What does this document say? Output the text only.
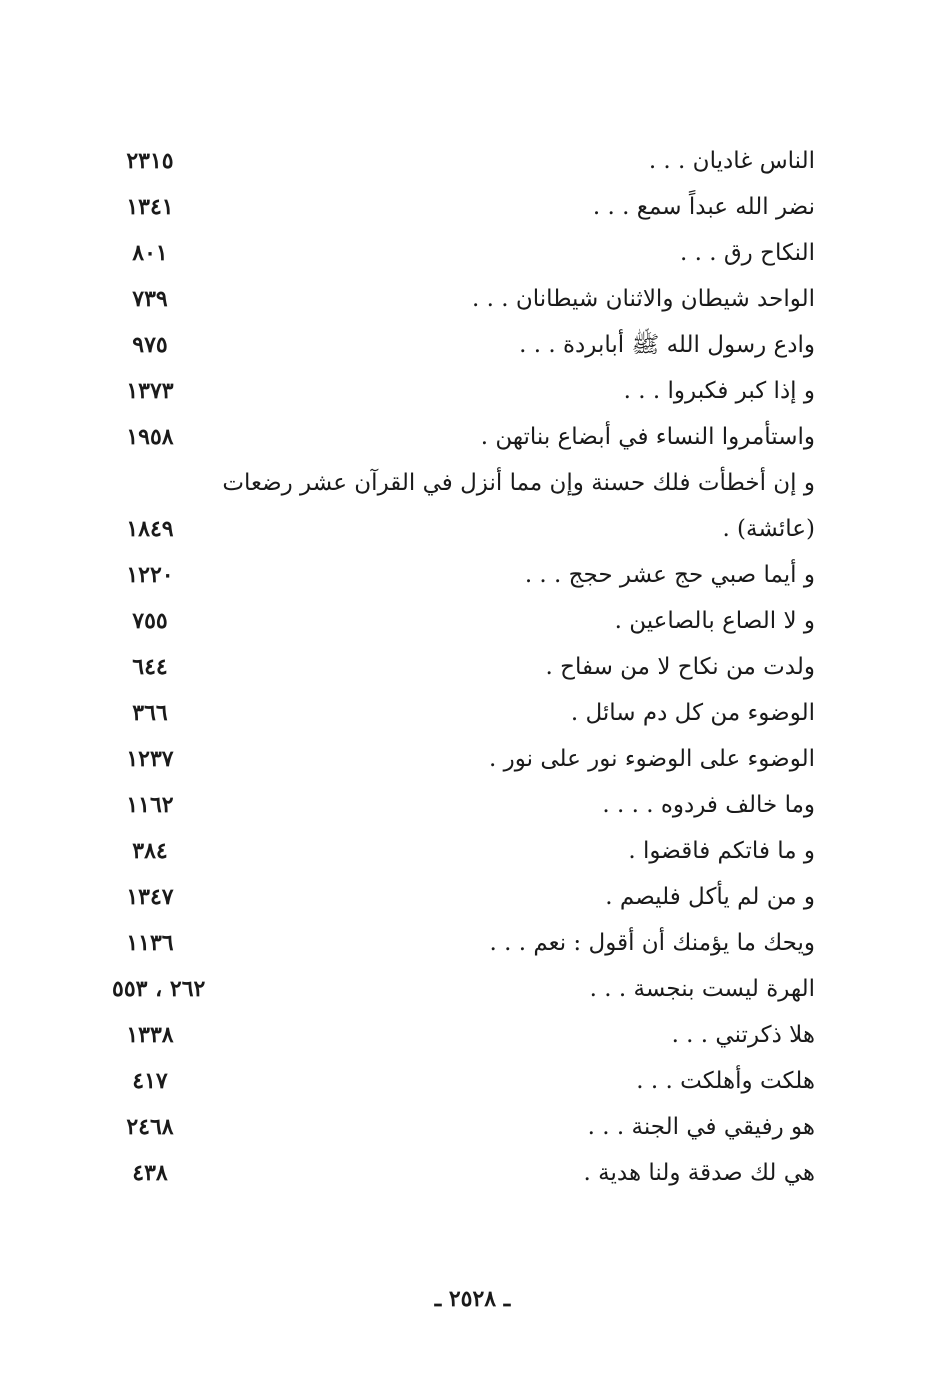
الناس غاديان . . .
٢٣١٥
نضر الله عبداً سمع . . .
١٣٤١
النكاح رق . . .
٨٠١
الواحد شيطان والاثنان شيطانان . . .
٧٣٩
وادع رسول الله ﷺ أبابردة . . .
٩٧٥
و إذا كبر فكبروا . . .
١٣٧٣
واستأمروا النساء في أبضاع بناتهن .
١٩٥٨
و إن أخطأت فلك حسنة وإن مما أنزل في القرآن عشر رضعات
(عائشة) .
١٨٤٩
و أيما صبي حج عشر حجج . . .
١٢٢٠
و لا الصاع بالصاعين .
٧٥٥
ولدت من نكاح لا من سفاح .
٦٤٤
الوضوء من كل دم سائل .
٣٦٦
الوضوء على الوضوء نور على نور .
١٢٣٧
وما خالف فردوه . . . .
١١٦٢
و ما فاتكم فاقضوا .
٣٨٤
و من لم يأكل فليصم .
١٣٤٧
ويحك ما يؤمنك أن أقول : نعم . . .
١١٣٦
الهرة ليست بنجسة . . .
٢٦٢ ، ٥٥٣
هلا ذكرتني . . .
١٣٣٨
هلكت وأهلكت . . .
٤١٧
هو رفيقي في الجنة . . .
٢٤٦٨
هي لك صدقة ولنا هدية .
٤٣٨
ـ ٢٥٢٨ ـ
